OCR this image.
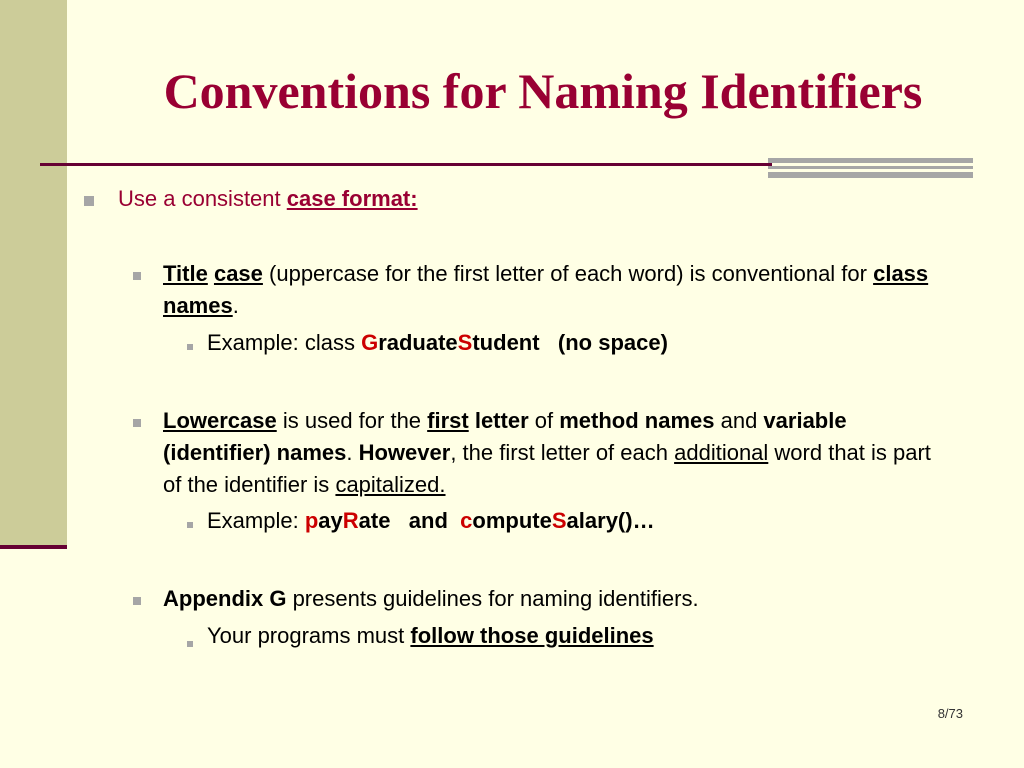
Conventions for Naming Identifiers
Use a consistent case format:
Title case (uppercase for the first letter of each word) is conventional for class names.
Example: class GraduateStudent (no space)
Lowercase is used for the first letter of method names and variable (identifier) names. However, the first letter of each additional word that is part of the identifier is capitalized.
Example: payRate and computeSalary()…
Appendix G presents guidelines for naming identifiers.
Your programs must follow those guidelines
8/73
